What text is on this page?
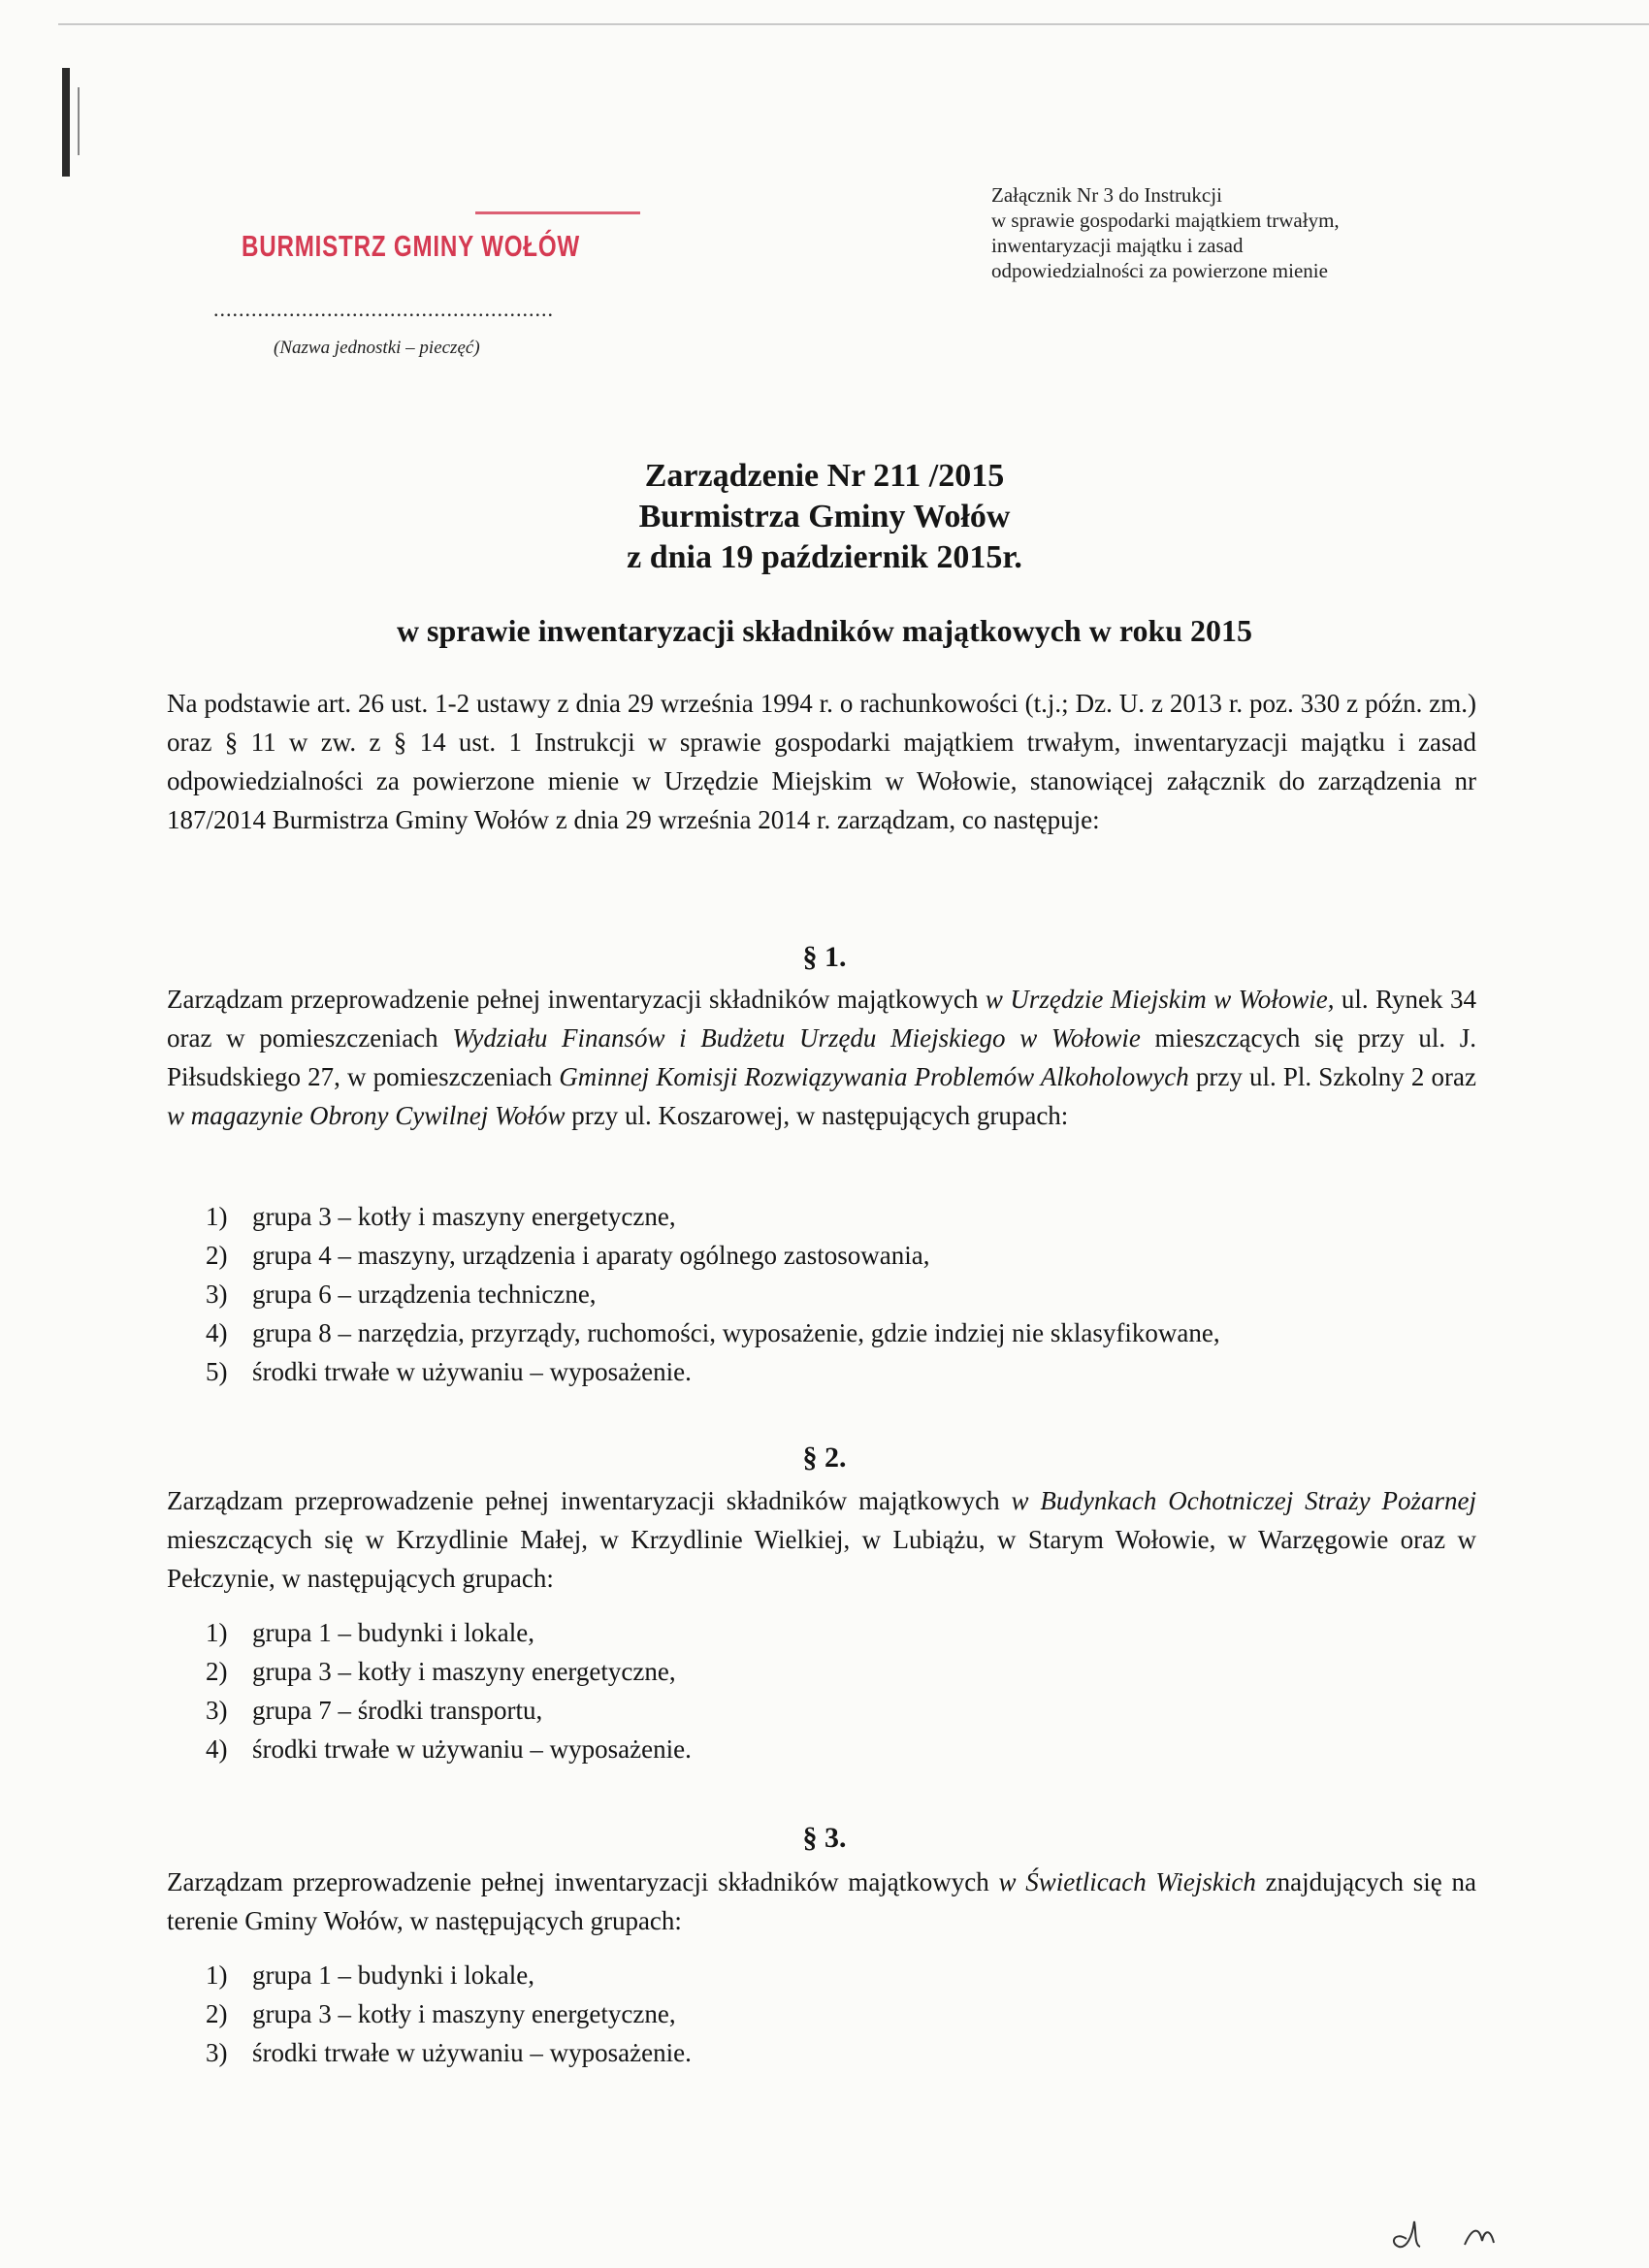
BURMISTRZ GMINY WOŁÓW
......................................................
(Nazwa jednostki – pieczęć)
Załącznik Nr 3 do Instrukcji
w sprawie gospodarki majątkiem trwałym,
inwentaryzacji majątku i zasad
odpowiedzialności za powierzone mienie
Zarządzenie Nr 211 /2015
Burmistrza Gminy Wołów
z dnia 19 październik 2015r.
w sprawie inwentaryzacji składników majątkowych w roku 2015
Na podstawie art. 26 ust. 1-2 ustawy z dnia 29 września 1994 r. o rachunkowości (t.j.; Dz. U. z 2013 r. poz. 330 z późn. zm.) oraz § 11 w zw. z § 14 ust. 1 Instrukcji w sprawie gospodarki majątkiem trwałym, inwentaryzacji majątku i zasad odpowiedzialności za powierzone mienie w Urzędzie Miejskim w Wołowie, stanowiącej załącznik do zarządzenia nr 187/2014 Burmistrza Gminy Wołów z dnia 29 września 2014 r. zarządzam, co następuje:
§ 1.
Zarządzam przeprowadzenie pełnej inwentaryzacji składników majątkowych w Urzędzie Miejskim w Wołowie, ul. Rynek 34 oraz w pomieszczeniach Wydziału Finansów i Budżetu Urzędu Miejskiego w Wołowie mieszczących się przy ul. J. Piłsudskiego 27, w pomieszczeniach Gminnej Komisji Rozwiązywania Problemów Alkoholowych przy ul. Pl. Szkolny 2 oraz w magazynie Obrony Cywilnej Wołów przy ul. Koszarowej, w następujących grupach:
1) grupa 3 – kotły i maszyny energetyczne,
2) grupa 4 – maszyny, urządzenia i aparaty ogólnego zastosowania,
3) grupa 6 – urządzenia techniczne,
4) grupa 8 – narzędzia, przyrządy, ruchomości, wyposażenie, gdzie indziej nie sklasyfikowane,
5) środki trwałe w używaniu – wyposażenie.
§ 2.
Zarządzam przeprowadzenie pełnej inwentaryzacji składników majątkowych w Budynkach Ochotniczej Straży Pożarnej mieszczących się w Krzydlinie Małej, w Krzydlinie Wielkiej, w Lubiążu, w Starym Wołowie, w Warzęgowie oraz w Pełczynie, w następujących grupach:
1) grupa 1 – budynki i lokale,
2) grupa 3 – kotły i maszyny energetyczne,
3) grupa 7 – środki transportu,
4) środki trwałe w używaniu – wyposażenie.
§ 3.
Zarządzam przeprowadzenie pełnej inwentaryzacji składników majątkowych w Świetlicach Wiejskich znajdujących się na terenie Gminy Wołów, w następujących grupach:
1) grupa 1 – budynki i lokale,
2) grupa 3 – kotły i maszyny energetyczne,
3) środki trwałe w używaniu – wyposażenie.
